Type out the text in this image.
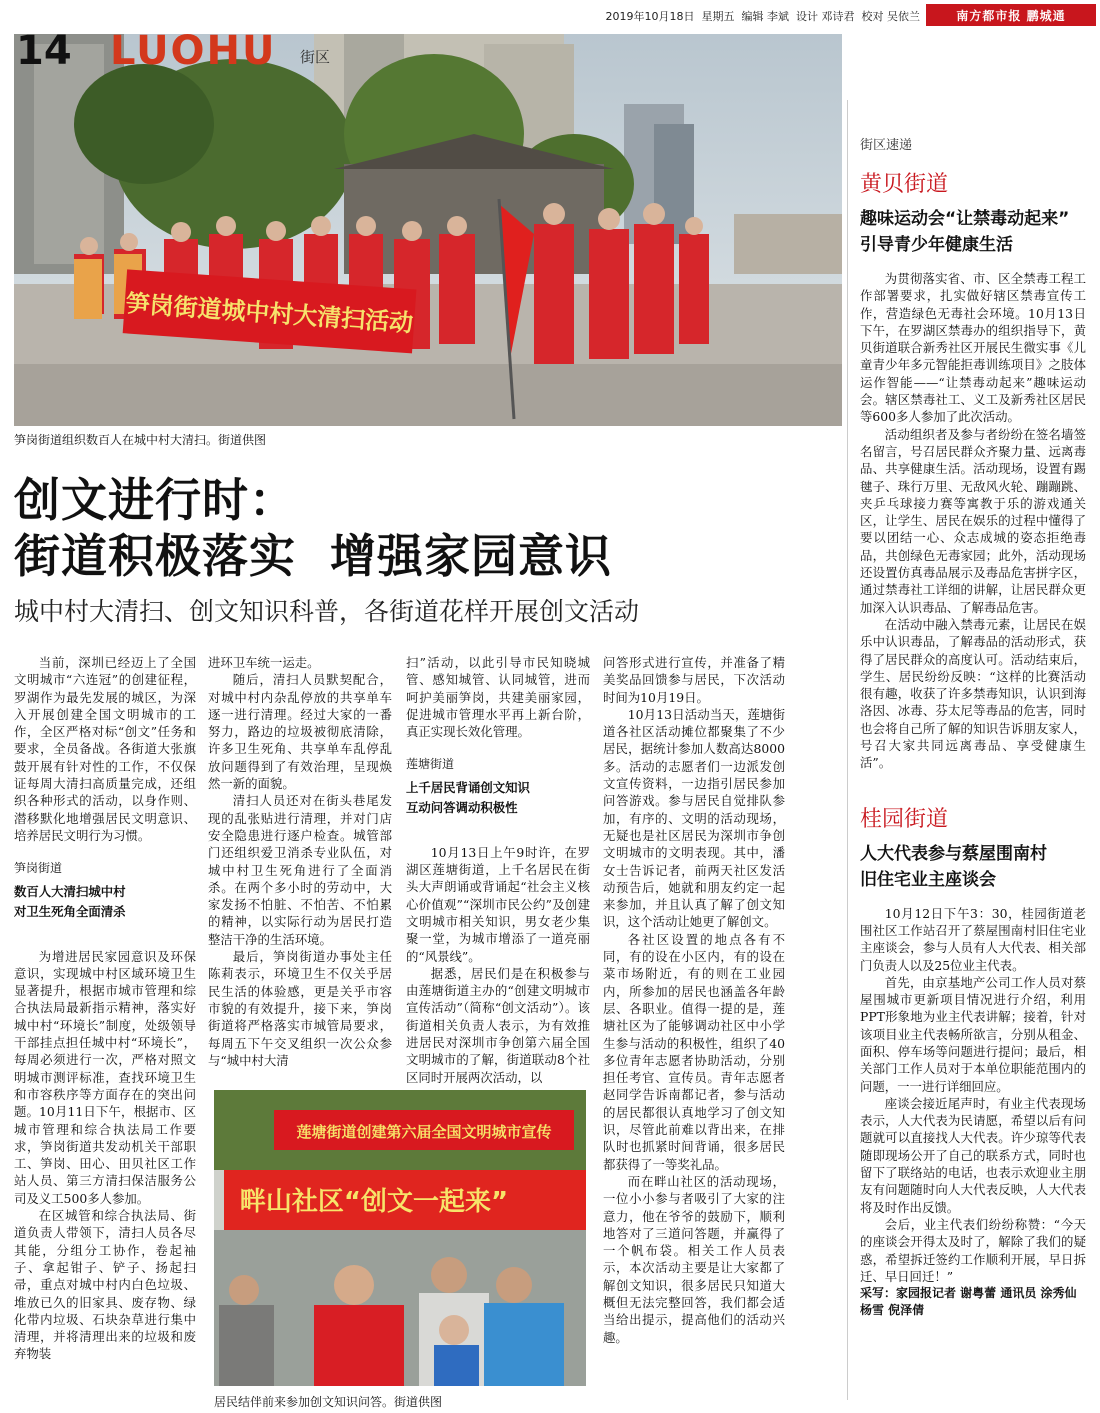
2019年10月18日 星期五 编辑 李斌 设计 邓诗君 校对 吴依兰	南方都市报 鹏城通
笋岗街道城中村大清扫活动
14 LUOHU 街区
笋岗街道组织数百人在城中村大清扫。街道供图
创文进行时：
街道积极落实  增强家园意识
城中村大清扫、创文知识科普，各街道花样开展创文活动

当前，深圳已经迈上了全国文明城市“六连冠”的创建征程，罗湖作为最先发展的城区，为深入开展创建全国文明城市的工作，全区严格对标“创文”任务和要求，全员备战。各街道大张旗鼓开展有针对性的工作，不仅保证每周大清扫高质量完成，还组织各种形式的活动，以身作则、潜移默化地增强居民文明意识、培养居民文明行为习惯。

笋岗街道
数百人大清扫城中村
对卫生死角全面清杀

为增进居民家园意识及环保意识，实现城中村区域环境卫生显著提升，根据市城市管理和综合执法局最新指示精神，落实好城中村“环境长”制度，处级领导干部挂点担任城中村“环境长”，每周必须进行一次，严格对照文明城市测评标准，查找环境卫生和市容秩序等方面存在的突出问题。10月11日下午，根据市、区城市管理和综合执法局工作要求，笋岗街道共发动机关干部职工、笋岗、田心、田贝社区工作站人员、第三方清扫保洁服务公司及义工500多人参加。

在区城管和综合执法局、街道负责人带领下，清扫人员各尽其能，分组分工协作，卷起袖子、拿起钳子、铲子、扬起扫帚，重点对城中村内白色垃圾、堆放已久的旧家具、废存物、绿化带内垃圾、石块杂草进行集中清理，并将清理出来的垃圾和废弃物装

进环卫车统一运走。

随后，清扫人员默契配合，对城中村内杂乱停放的共享单车逐一进行清理。经过大家的一番努力，路边的垃圾被彻底清除，许多卫生死角、共享单车乱停乱放问题得到了有效治理，呈现焕然一新的面貌。

清扫人员还对在街头巷尾发现的乱张贴进行清理，并对门店安全隐患进行逐户检查。城管部门还组织爱卫消杀专业队伍，对城中村卫生死角进行了全面消杀。在两个多小时的劳动中，大家发扬不怕脏、不怕苦、不怕累的精神，以实际行动为居民打造整洁干净的生活环境。

最后，笋岗街道办事处主任陈莉表示，环境卫生不仅关乎居民生活的体验感，更是关乎市容市貌的有效提升，接下来，笋岗街道将严格落实市城管局要求，每周五下午交叉组织一次公众参与“城中村大清

扫”活动，以此引导市民知晓城管、感知城管、认同城管，进而呵护美丽笋岗，共建美丽家园，促进城市管理水平再上新台阶，真正实现长效化管理。

莲塘街道
上千居民背诵创文知识
互动问答调动积极性

10月13日上午9时许，在罗湖区莲塘街道，上千名居民在街头大声朗诵或背诵起“社会主义核心价值观”“深圳市民公约”及创建文明城市相关知识，男女老少集聚一堂，为城市增添了一道亮丽的“风景线”。

据悉，居民们是在积极参与由莲塘街道主办的“创建文明城市宣传活动”（简称“创文活动”）。该街道相关负责人表示，为有效推进居民对深圳市争创第六届全国文明城市的了解，街道联动8个社区同时开展两次活动，以

问答形式进行宣传，并准备了精美奖品回馈参与居民，下次活动时间为10月19日。

10月13日活动当天，莲塘街道各社区活动摊位都聚集了不少居民，据统计参加人数高达8000多。活动的志愿者们一边派发创文宣传资料，一边指引居民参加问答游戏。参与居民自觉排队参加，有序的、文明的活动现场，无疑也是社区居民为深圳市争创文明城市的文明表现。其中，潘女士告诉记者，前两天社区发活动预告后，她就和朋友约定一起来参加，并且认真了解了创文知识，这个活动让她更了解创文。

各社区设置的地点各有不同，有的设在小区内，有的设在菜市场附近，有的则在工业园内，所参加的居民也涵盖各年龄层、各职业。值得一提的是，莲塘社区为了能够调动社区中小学生参与活动的积极性，组织了40多位青年志愿者协助活动，分别担任考官、宣传员。青年志愿者赵同学告诉南都记者，参与活动的居民都很认真地学习了创文知识，尽管此前难以背出来，在排队时也抓紧时间背诵，很多居民都获得了一等奖礼品。

而在畔山社区的活动现场，一位小小参与者吸引了大家的注意力，他在爷爷的鼓励下，顺利地答对了三道问答题，并赢得了一个帆布袋。相关工作人员表示，本次活动主要是让大家都了解创文知识，很多居民只知道大概但无法完整回答，我们都会适当给出提示，提高他们的活动兴趣。

莲塘街道创建第六届全国文明城市宣传
畔山社区“创文一起来”
居民结伴前来参加创文知识问答。街道供图
街区速递
黄贝街道
趣味运动会“让禁毒动起来”
引导青少年健康生活

为贯彻落实省、市、区全禁毒工程工作部署要求，扎实做好辖区禁毒宣传工作，营造绿色无毒社会环境。10月13日下午，在罗湖区禁毒办的组织指导下，黄贝街道联合新秀社区开展民生微实事《儿童青少年多元智能拒毒训练项目》之肢体运作智能——“让禁毒动起来”趣味运动会。辖区禁毒社工、义工及新秀社区居民等600多人参加了此次活动。

活动组织者及参与者纷纷在签名墙签名留言，号召居民群众齐聚力量、远离毒品、共享健康生活。活动现场，设置有踢毽子、珠行万里、无敌风火轮、蹦蹦跳、夹乒乓球接力赛等寓教于乐的游戏通关区，让学生、居民在娱乐的过程中懂得了要以团结一心、众志成城的姿态拒绝毒品，共创绿色无毒家园；此外，活动现场还设置仿真毒品展示及毒品危害拼字区，通过禁毒社工详细的讲解，让居民群众更加深入认识毒品、了解毒品危害。

在活动中融入禁毒元素，让居民在娱乐中认识毒品，了解毒品的活动形式，获得了居民群众的高度认可。活动结束后，学生、居民纷纷反映：“这样的比赛活动很有趣，收获了许多禁毒知识，认识到海洛因、冰毒、芬太尼等毒品的危害，同时也会将自己所了解的知识告诉朋友家人，号召大家共同远离毒品、享受健康生活”。

桂园街道
人大代表参与蔡屋围南村
旧住宅业主座谈会

10月12日下午3：30，桂园街道老围社区工作站召开了蔡屋围南村旧住宅业主座谈会，参与人员有人大代表、相关部门负责人以及25位业主代表。

首先，由京基地产公司工作人员对蔡屋围城市更新项目情况进行介绍，利用PPT形象地为业主代表讲解；接着，针对该项目业主代表畅所欲言，分别从租金、面积、停车场等问题进行提问；最后，相关部门工作人员对于本单位职能范围内的问题，一一进行详细回应。

座谈会接近尾声时，有业主代表现场表示，人大代表为民请愿，希望以后有问题就可以直接找人大代表。许少琼等代表随即现场公开了自己的联系方式，同时也留下了联络站的电话，也表示欢迎业主朋友有问题随时向人大代表反映，人大代表将及时作出反馈。

会后，业主代表们纷纷称赞：“今天的座谈会开得太及时了，解除了我们的疑惑，希望拆迁签约工作顺利开展，早日拆迁、早日回迁！”

采写：家园报记者 谢粤蕾 通讯员 涂秀仙 杨雪 倪泽倩
